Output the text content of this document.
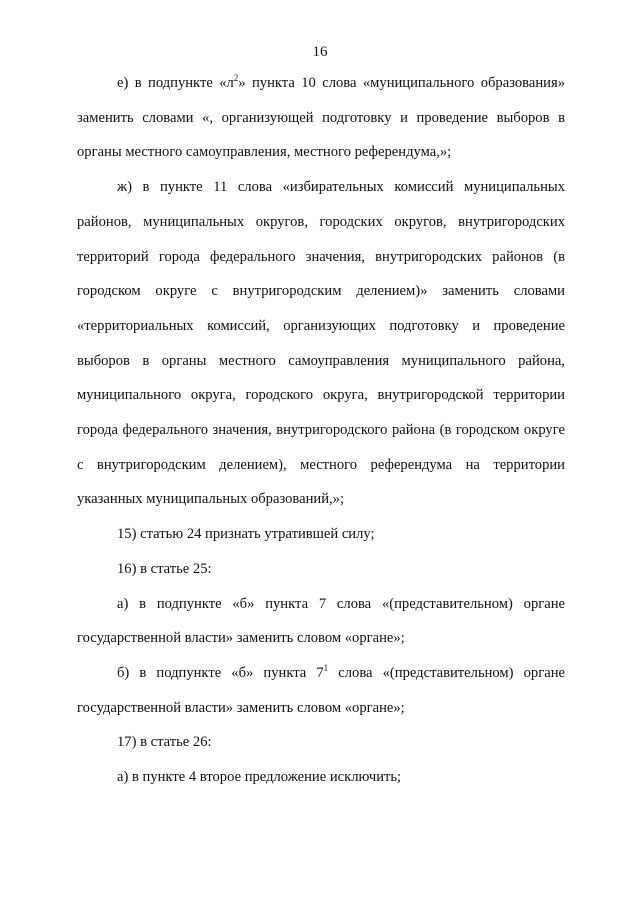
16

е) в подпункте «$л^2$» пункта 10 слова «муниципального образования» заменить словами «, организующей подготовку и проведение выборов в органы местного самоуправления, местного референдума,»;

ж) в пункте 11 слова «избирательных комиссий муниципальных районов, муниципальных округов, городских округов, внутригородских территорий города федерального значения, внутригородских районов (в городском округе с внутригородским делением)» заменить словами «территориальных комиссий, организующих подготовку и проведение выборов в органы местного самоуправления муниципального района, муниципального округа, городского округа, внутригородской территории города федерального значения, внутригородского района (в городском округе с внутригородским делением), местного референдума на территории указанных муниципальных образований,»;

15) статью 24 признать утратившей силу;

16) в статье 25:

а) в подпункте «б» пункта 7 слова «(представительном) органе государственной власти» заменить словом «органе»;

б) в подпункте «б» пункта $7^1$ слова «(представительном) органе государственной власти» заменить словом «органе»;

17) в статье 26:

а) в пункте 4 второе предложение исключить;
